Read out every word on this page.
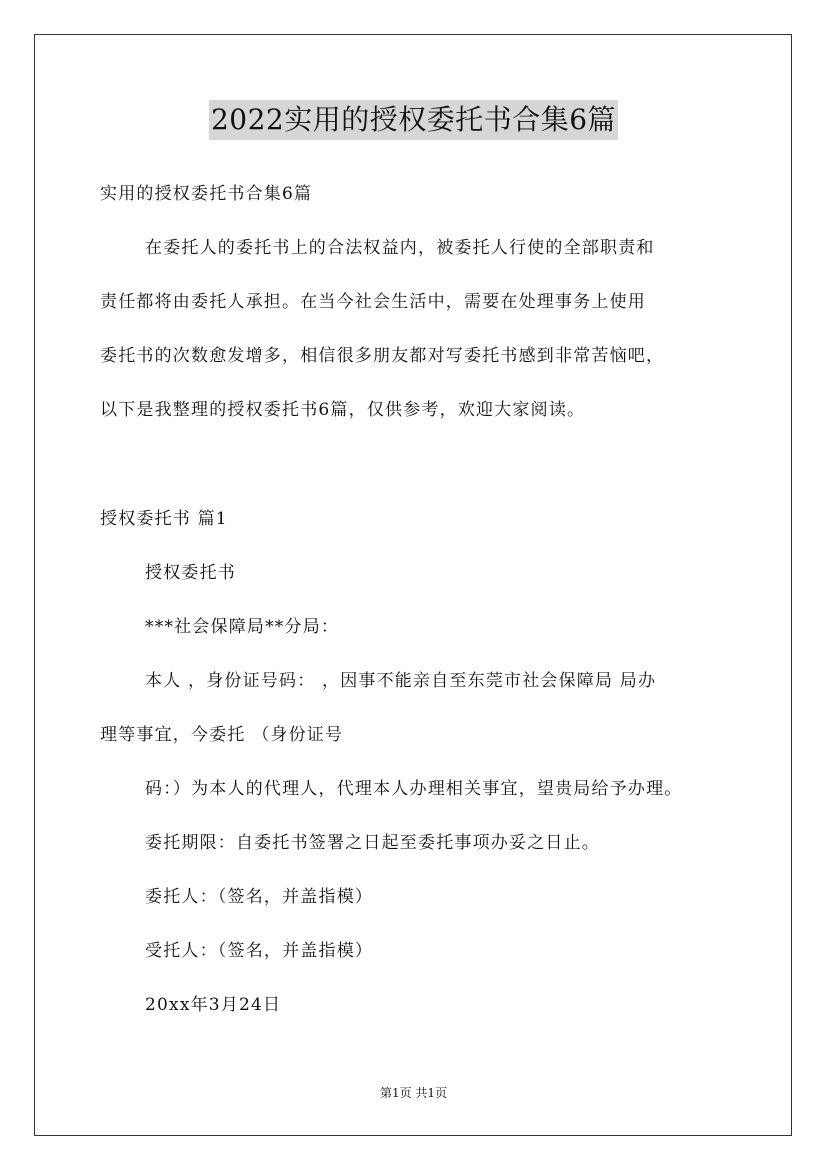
2022实用的授权委托书合集6篇
实用的授权委托书合集6篇
在委托人的委托书上的合法权益内，被委托人行使的全部职责和
责任都将由委托人承担。在当今社会生活中，需要在处理事务上使用
委托书的次数愈发增多，相信很多朋友都对写委托书感到非常苦恼吧，
以下是我整理的授权委托书6篇，仅供参考，欢迎大家阅读。
授权委托书 篇1
授权委托书
***社会保障局**分局：
本人 ，身份证号码： ，因事不能亲自至东莞市社会保障局 局办
理等事宜，今委托 （身份证号
码：）为本人的代理人，代理本人办理相关事宜，望贵局给予办理。
委托期限：自委托书签署之日起至委托事项办妥之日止。
委托人：（签名，并盖指模）
受托人：（签名，并盖指模）
20xx年3月24日
第1页 共1页
